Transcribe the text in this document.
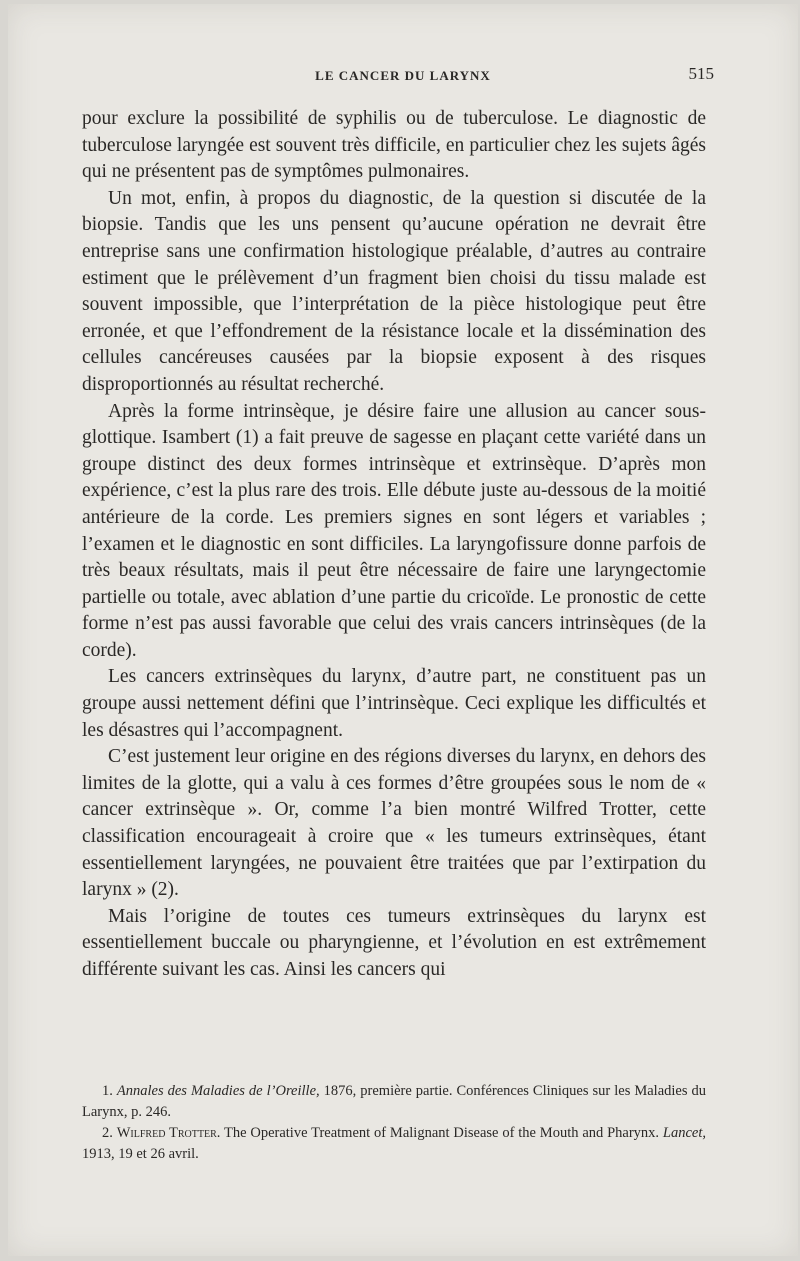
LE CANCER DU LARYNX	515

pour exclure la possibilité de syphilis ou de tuberculose. Le diagnostic de tuberculose laryngée est souvent très difficile, en particulier chez les sujets âgés qui ne présentent pas de symptômes pulmonaires.

Un mot, enfin, à propos du diagnostic, de la question si discutée de la biopsie. Tandis que les uns pensent qu’aucune opération ne devrait être entreprise sans une confirmation histologique préalable, d’autres au contraire estiment que le prélèvement d’un fragment bien choisi du tissu malade est souvent impossible, que l’interprétation de la pièce histologique peut être erronée, et que l’effondrement de la résistance locale et la dissémination des cellules cancéreuses causées par la biopsie exposent à des risques disproportionnés au résultat recherché.

Après la forme intrinsèque, je désire faire une allusion au cancer sous-glottique. Isambert (1) a fait preuve de sagesse en plaçant cette variété dans un groupe distinct des deux formes intrinsèque et extrinsèque. D’après mon expérience, c’est la plus rare des trois. Elle débute juste au-dessous de la moitié antérieure de la corde. Les premiers signes en sont légers et variables ; l’examen et le diagnostic en sont difficiles. La laryngofissure donne parfois de très beaux résultats, mais il peut être nécessaire de faire une laryngectomie partielle ou totale, avec ablation d’une partie du cricoïde. Le pronostic de cette forme n’est pas aussi favorable que celui des vrais cancers intrinsèques (de la corde).

Les cancers extrinsèques du larynx, d’autre part, ne constituent pas un groupe aussi nettement défini que l’intrinsèque. Ceci explique les difficultés et les désastres qui l’accompagnent.

C’est justement leur origine en des régions diverses du larynx, en dehors des limites de la glotte, qui a valu à ces formes d’être groupées sous le nom de « cancer extrinsèque ». Or, comme l’a bien montré Wilfred Trotter, cette classification encourageait à croire que « les tumeurs extrinsèques, étant essentiellement laryngées, ne pouvaient être traitées que par l’extirpation du larynx » (2).

Mais l’origine de toutes ces tumeurs extrinsèques du larynx est essentiellement buccale ou pharyngienne, et l’évolution en est extrêmement différente suivant les cas. Ainsi les cancers qui

1. Annales des Maladies de l’Oreille, 1876, première partie. Conférences Cliniques sur les Maladies du Larynx, p. 246.

2. Wilfred Trotter. The Operative Treatment of Malignant Disease of the Mouth and Pharynx. Lancet, 1913, 19 et 26 avril.
